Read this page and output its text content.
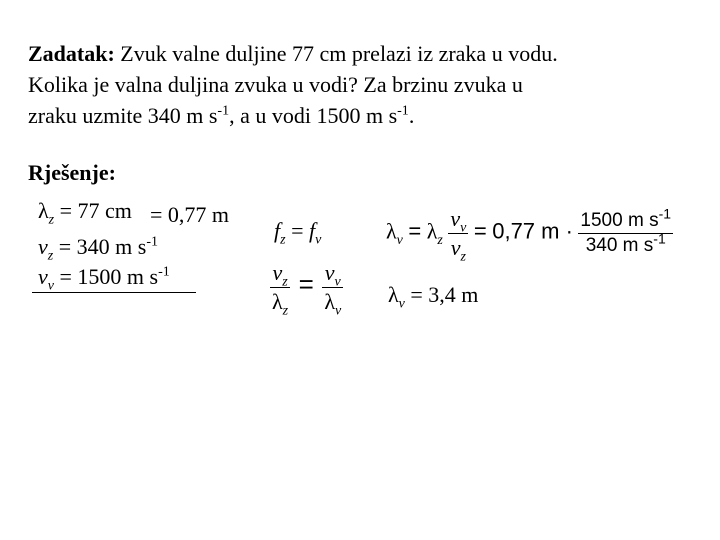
Zadatak: Zvuk valne duljine 77 cm prelazi iz zraka u vodu.
Kolika je valna duljina zvuka u vodi? Za brzinu zvuka u
zraku uzmite 340 m $s^{-1}$, a u vodi 1500 m $s^{-1}$.
Rješenje:
$\lambda_z = 77$ cm = 0,77 m
$v_z = 340$ m $s^{-1}$
$v_v = 1500$ m $s^{-1}$
$f_z = f_v$
$\frac{v_z}{\lambda_z} = \frac{v_v}{\lambda_v}$
$\lambda_v = \lambda_z \frac{v_v}{v_z} = 0,77$ $m \cdot \frac{1500 m s^{-1}}{340 m s^{-1}}$
$\lambda_v = 3,4$ m
